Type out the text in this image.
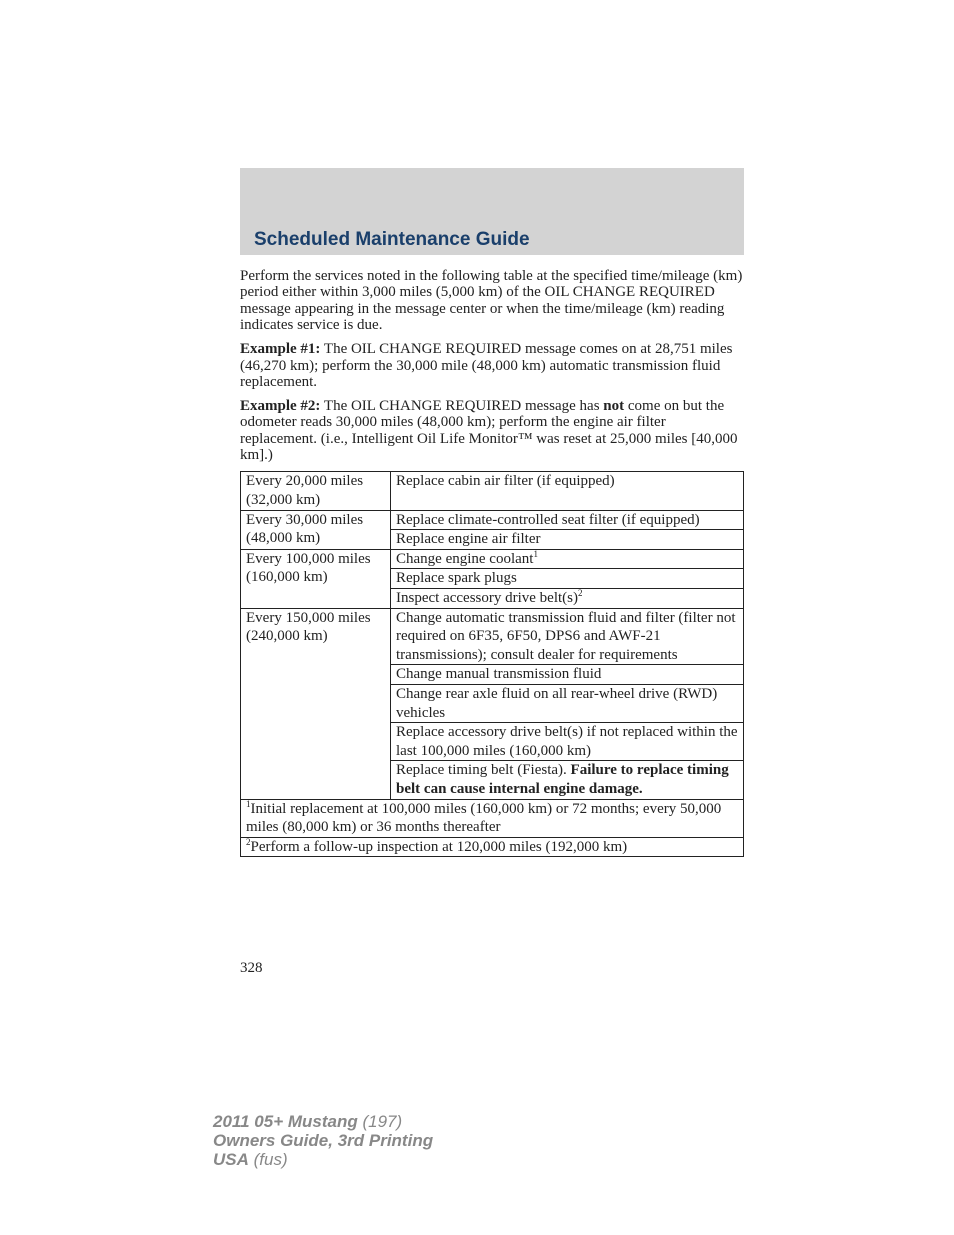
Scheduled Maintenance Guide

Perform the services noted in the following table at the specified time/mileage (km) period either within 3,000 miles (5,000 km) of the OIL CHANGE REQUIRED message appearing in the message center or when the time/mileage (km) reading indicates service is due.

Example #1: The OIL CHANGE REQUIRED message comes on at 28,751 miles (46,270 km); perform the 30,000 mile (48,000 km) automatic transmission fluid replacement.

Example #2: The OIL CHANGE REQUIRED message has not come on but the odometer reads 30,000 miles (48,000 km); perform the engine air filter replacement. (i.e., Intelligent Oil Life Monitor™ was reset at 25,000 miles [40,000 km].)

Every 20,000 miles (32,000 km)	Replace cabin air filter (if equipped)
Every 30,000 miles (48,000 km)	Replace climate-controlled seat filter (if equipped)
	Replace engine air filter
Every 100,000 miles (160,000 km)	Change engine coolant$^1$
	Replace spark plugs
	Inspect accessory drive $belt(s)^2$
Every 150,000 miles (240,000 km)	Change automatic transmission fluid and filter (filter not required on 6F35, 6F50, DPS6 and AWF-21 transmissions); consult dealer for requirements
	Change manual transmission fluid
	Change rear axle fluid on all rear-wheel drive (RWD) vehicles
	Replace accessory drive belt(s) if not replaced within the last 100,000 miles (160,000 km)
	Replace timing belt (Fiesta). Failure to replace timing belt can cause internal engine damage.
$^1$Initial replacement at 100,000 miles (160,000 km) or 72 months; every 50,000 miles (80,000 km) or 36 months thereafter	
$^2$Perform a follow-up inspection at 120,000 miles (192,000 km)	
328
2011 05+ Mustang (197)
Owners Guide, 3rd Printing
USA (fus)
